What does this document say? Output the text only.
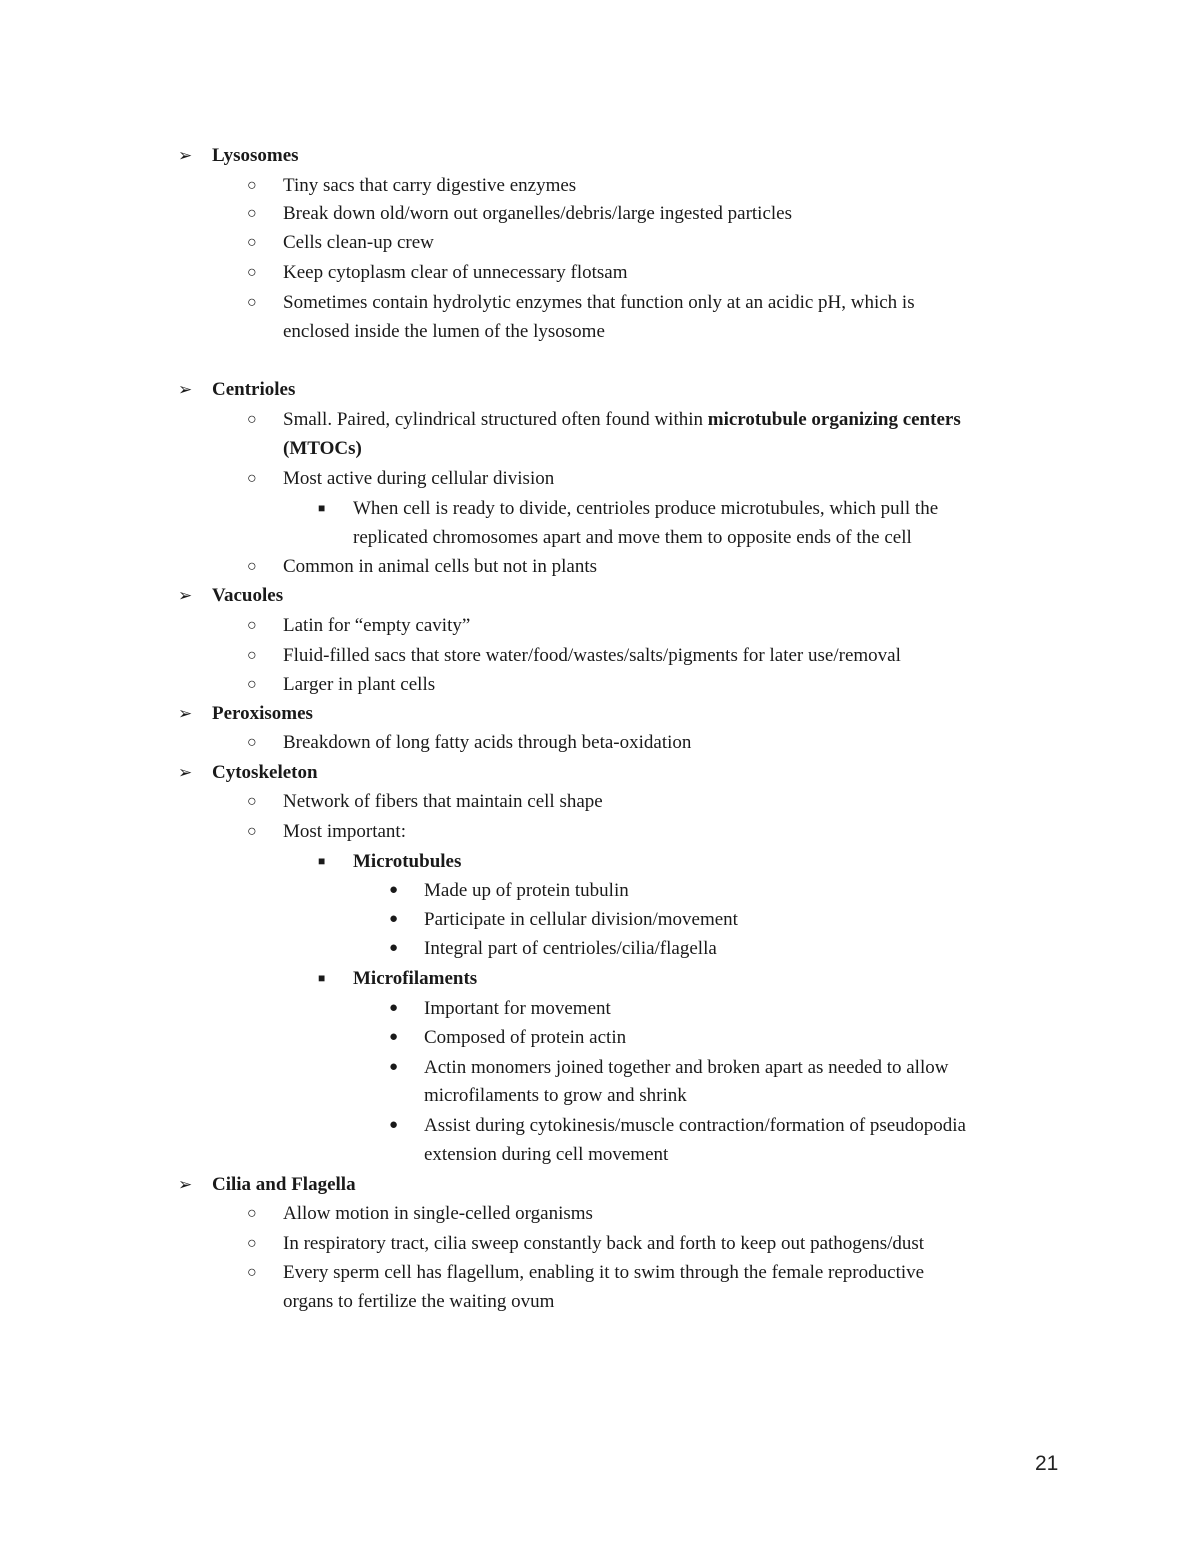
➢ Lysosomes
○ Tiny sacs that carry digestive enzymes
○ Break down old/worn out organelles/debris/large ingested particles
○ Cells clean-up crew
○ Keep cytoplasm clear of unnecessary flotsam
○ Sometimes contain hydrolytic enzymes that function only at an acidic pH, which is
enclosed inside the lumen of the lysosome
➢ Centrioles
○ Small. Paired, cylindrical structured often found within microtubule organizing centers
(MTOCs)
○ Most active during cellular division
■ When cell is ready to divide, centrioles produce microtubules, which pull the
replicated chromosomes apart and move them to opposite ends of the cell
○ Common in animal cells but not in plants
➢ Vacuoles
○ Latin for “empty cavity”
○ Fluid-filled sacs that store water/food/wastes/salts/pigments for later use/removal
○ Larger in plant cells
➢ Peroxisomes
○ Breakdown of long fatty acids through beta-oxidation
➢ Cytoskeleton
○ Network of fibers that maintain cell shape
○ Most important:
■ Microtubules
● Made up of protein tubulin
● Participate in cellular division/movement
● Integral part of centrioles/cilia/flagella
■ Microfilaments
● Important for movement
● Composed of protein actin
● Actin monomers joined together and broken apart as needed to allow
microfilaments to grow and shrink
● Assist during cytokinesis/muscle contraction/formation of pseudopodia
extension during cell movement
➢ Cilia and Flagella
○ Allow motion in single-celled organisms
○ In respiratory tract, cilia sweep constantly back and forth to keep out pathogens/dust
○ Every sperm cell has flagellum, enabling it to swim through the female reproductive
organs to fertilize the waiting ovum
21
